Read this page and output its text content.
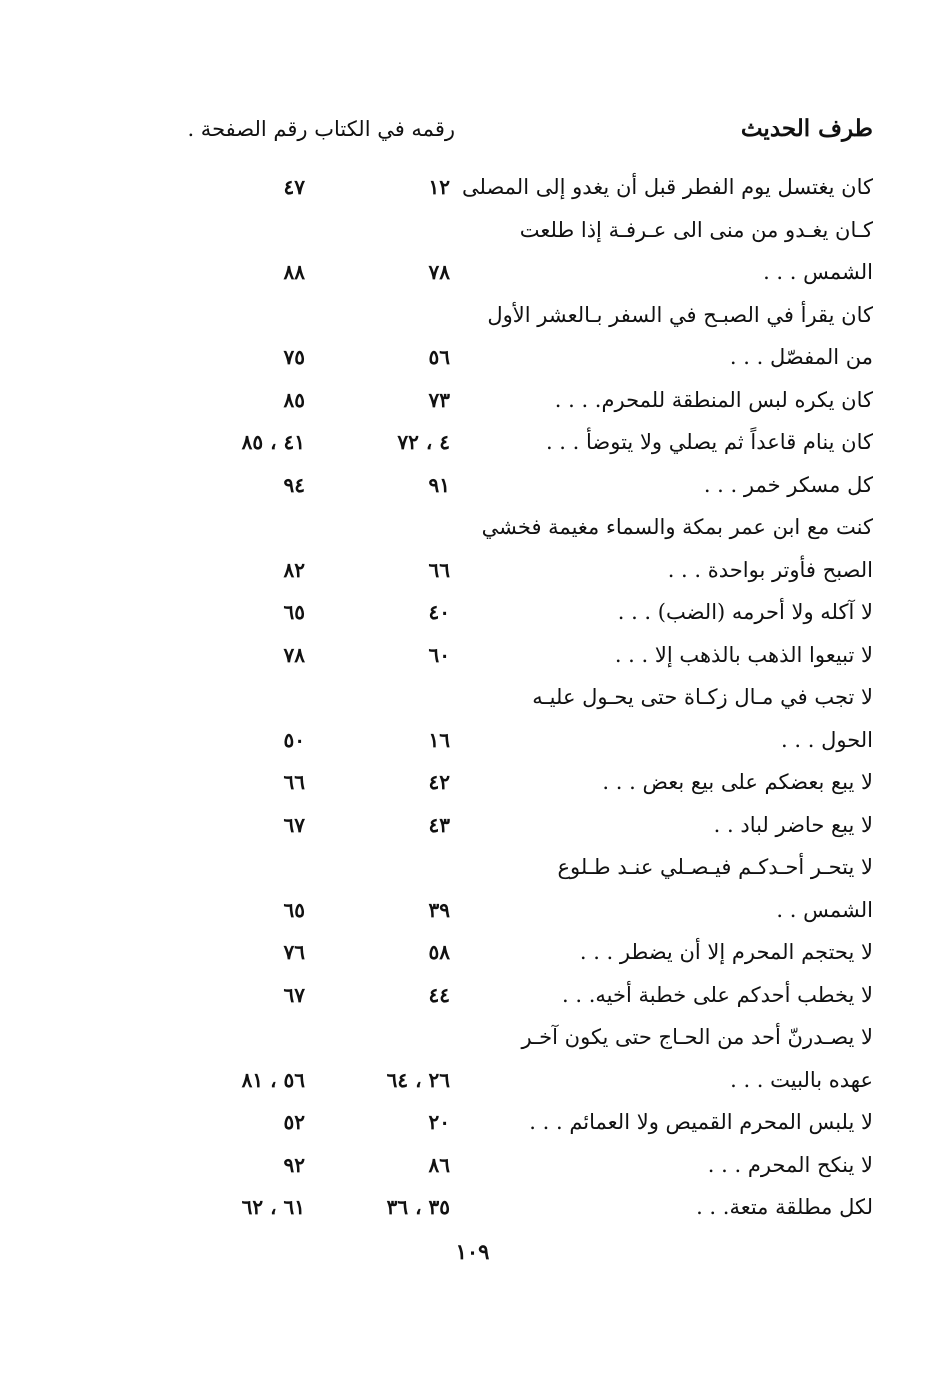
طرف الحديث
رقمه في الكتاب رقم الصفحة .
كان يغتسل يوم الفطر قبل أن يغدو إلى المصلى
١٢
٤٧
كـان يغـدو من منى الى عـرفـة إذا طلعت
الشمس . . .
٧٨
٨٨
كان يقرأ في الصبـح في السفر بـالعشر الأول
من المفصّل . . .
٥٦
٧٥
كان يكره لبس المنطقة للمحرم. . . .
٧٣
٨٥
كان ينام قاعداً ثم يصلي ولا يتوضأ . . .
٤ ، ٧٢
٤١ ، ٨٥
كل مسكر خمر . . .
٩١
٩٤
كنت مع ابن عمر بمكة والسماء مغيمة فخشي
الصبح فأوتر بواحدة . . .
٦٦
٨٢
لا آكله ولا أحرمه (الضب) . . .
٤٠
٦٥
لا تبيعوا الذهب بالذهب إلا . . .
٦٠
٧٨
لا تجب في مـال زكـاة حتى يحـول عليـه
الحول . . .
١٦
٥٠
لا يبع بعضكم على بيع بعض . . .
٤٢
٦٦
لا يبع حاضر لباد . .
٤٣
٦٧
لا يتحـر أحـدكـم فيـصـلي عنـد طـلوع
الشمس . .
٣٩
٦٥
لا يحتجم المحرم إلا أن يضطر . . .
٥٨
٧٦
لا يخطب أحدكم على خطبة أخيه. . .
٤٤
٦٧
لا يصـدرنّ أحد من الحـاج حتى يكون آخـر
عهده بالبيت . . .
٢٦ ، ٦٤
٥٦ ، ٨١
لا يلبس المحرم القميص ولا العمائم . . .
٢٠
٥٢
لا ينكح المحرم . . .
٨٦
٩٢
لكل مطلقة متعة. . .
٣٥ ، ٣٦
٦١ ، ٦٢
١٠٩
